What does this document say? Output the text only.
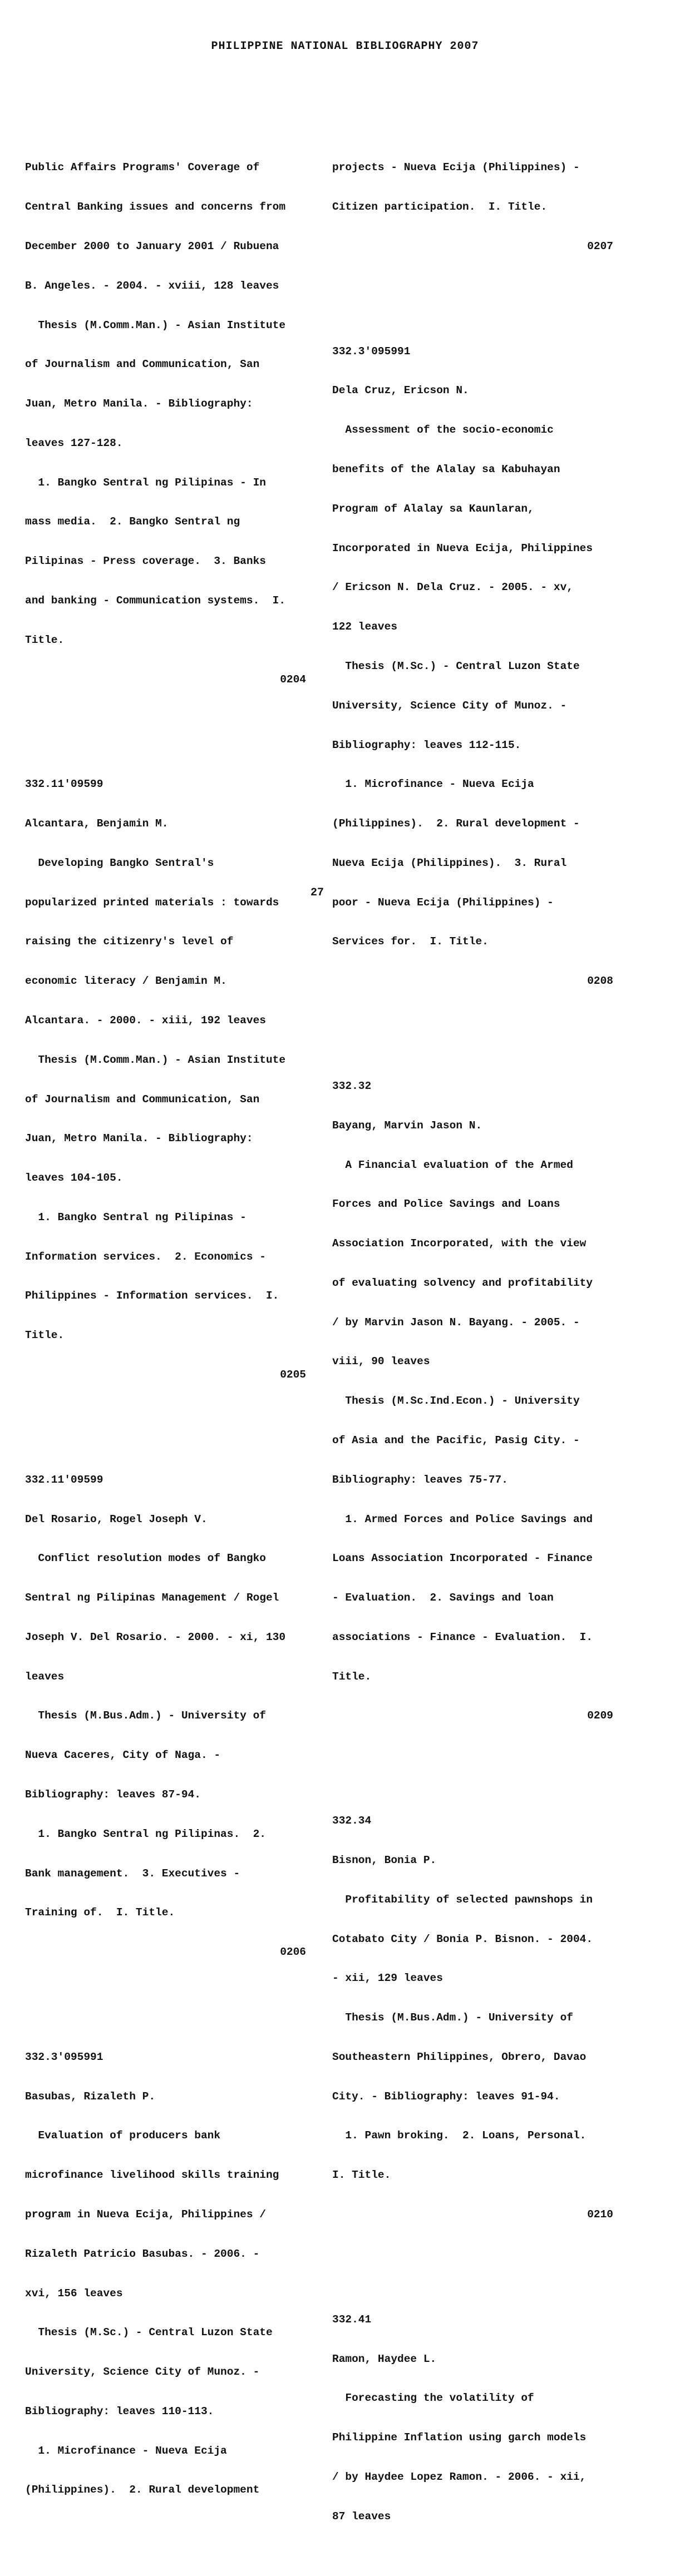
PHILIPPINE NATIONAL BIBLIOGRAPHY 2007

Public Affairs Programs' Coverage of

Central Banking issues and concerns from

December 2000 to January 2001 / Rubuena

B. Angeles. - 2004. - xviii, 128 leaves

Thesis (M.Comm.Man.) - Asian Institute

of Journalism and Communication, San

Juan, Metro Manila. - Bibliography:

leaves 127-128.

1. Bangko Sentral ng Pilipinas - In

mass media.  2. Bangko Sentral ng

Pilipinas - Press coverage.  3. Banks

and banking - Communication systems.  I.

Title.

0204

332.11'09599

Alcantara, Benjamin M.

Developing Bangko Sentral's

popularized printed materials : towards

raising the citizenry's level of

economic literacy / Benjamin M.

Alcantara. - 2000. - xiii, 192 leaves

Thesis (M.Comm.Man.) - Asian Institute

of Journalism and Communication, San

Juan, Metro Manila. - Bibliography:

leaves 104-105.

1. Bangko Sentral ng Pilipinas -

Information services.  2. Economics -

Philippines - Information services.  I.

Title.

0205

332.11'09599

Del Rosario, Rogel Joseph V.

Conflict resolution modes of Bangko

Sentral ng Pilipinas Management / Rogel

Joseph V. Del Rosario. - 2000. - xi, 130

leaves

Thesis (M.Bus.Adm.) - University of

Nueva Caceres, City of Naga. -

Bibliography: leaves 87-94.

1. Bangko Sentral ng Pilipinas.  2.

Bank management.  3. Executives -

Training of.  I. Title.

0206

332.3'095991

Basubas, Rizaleth P.

Evaluation of producers bank

microfinance livelihood skills training

program in Nueva Ecija, Philippines /

Rizaleth Patricio Basubas. - 2006. -

xvi, 156 leaves

Thesis (M.Sc.) - Central Luzon State

University, Science City of Munoz. -

Bibliography: leaves 110-113.

1. Microfinance - Nueva Ecija

(Philippines).  2. Rural development

projects - Nueva Ecija (Philippines) -

Citizen participation.  I. Title.

0207

332.3'095991

Dela Cruz, Ericson N.

Assessment of the socio-economic

benefits of the Alalay sa Kabuhayan

Program of Alalay sa Kaunlaran,

Incorporated in Nueva Ecija, Philippines

/ Ericson N. Dela Cruz. - 2005. - xv,

122 leaves

Thesis (M.Sc.) - Central Luzon State

University, Science City of Munoz. -

Bibliography: leaves 112-115.

1. Microfinance - Nueva Ecija

(Philippines).  2. Rural development -

Nueva Ecija (Philippines).  3. Rural

poor - Nueva Ecija (Philippines) -

Services for.  I. Title.

0208

332.32

Bayang, Marvin Jason N.

A Financial evaluation of the Armed

Forces and Police Savings and Loans

Association Incorporated, with the view

of evaluating solvency and profitability

/ by Marvin Jason N. Bayang. - 2005. -

viii, 90 leaves

Thesis (M.Sc.Ind.Econ.) - University

of Asia and the Pacific, Pasig City. -

Bibliography: leaves 75-77.

1. Armed Forces and Police Savings and

Loans Association Incorporated - Finance

- Evaluation.  2. Savings and loan

associations - Finance - Evaluation.  I.

Title.

0209

332.34

Bisnon, Bonia P.

Profitability of selected pawnshops in

Cotabato City / Bonia P. Bisnon. - 2004.

- xii, 129 leaves

Thesis (M.Bus.Adm.) - University of

Southeastern Philippines, Obrero, Davao

City. - Bibliography: leaves 91-94.

1. Pawn broking.  2. Loans, Personal.

I. Title.

0210

332.41

Ramon, Haydee L.

Forecasting the volatility of

Philippine Inflation using garch models

/ by Haydee Lopez Ramon. - 2006. - xii,

87 leaves

27
